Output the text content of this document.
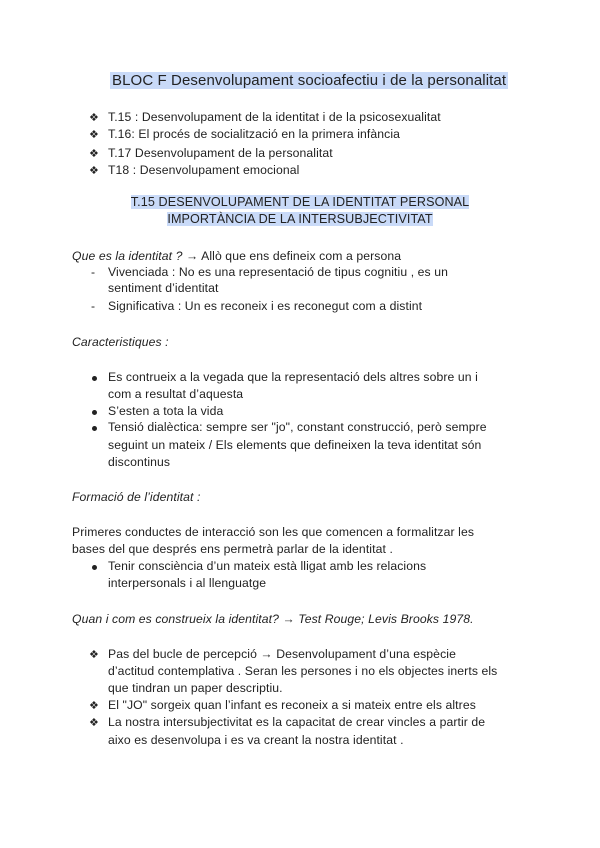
BLOC F Desenvolupament socioafectiu i de la personalitat
❖ T.15 : Desenvolupament de la identitat i de la psicosexualitat
❖ T.16: El procés de socialització en la primera infància
❖ T.17 Desenvolupament de la personalitat
❖ T18 : Desenvolupament emocional
T.15 DESENVOLUPAMENT DE LA IDENTITAT PERSONAL
IMPORTÀNCIA DE LA INTERSUBJECTIVITAT
Que es la identitat ? → Allò que ens defineix com a persona
- Vivenciada : No es una representació de tipus cognitiu , es un
sentiment d’identitat
- Significativa : Un es reconeix i es reconegut com a distint
Caracteristiques :
Es contrueix a la vegada que la representació dels altres sobre un i
com a resultat d’aquesta
S’esten a tota la vida
Tensió dialèctica: sempre ser "jo", constant construcció, però sempre
seguint un mateix / Els elements que defineixen la teva identitat són
discontinus
Formació de l’identitat :
Primeres conductes de interacció son les que comencen a formalitzar les
bases del que després ens permetrà parlar de la identitat .
Tenir consciència d’un mateix està lligat amb les relacions
interpersonals i al llenguatge
Quan i com es construeix la identitat? → Test Rouge; Levis Brooks 1978.
❖ Pas del bucle de percepció → Desenvolupament d’una espècie
d’actitud contemplativa . Seran les persones i no els objectes inerts els
que tindran un paper descriptiu.
❖ El "JO" sorgeix quan l’infant es reconeix a si mateix entre els altres
❖ La nostra intersubjectivitat es la capacitat de crear vincles a partir de
aixo es desenvolupa i es va creant la nostra identitat .
